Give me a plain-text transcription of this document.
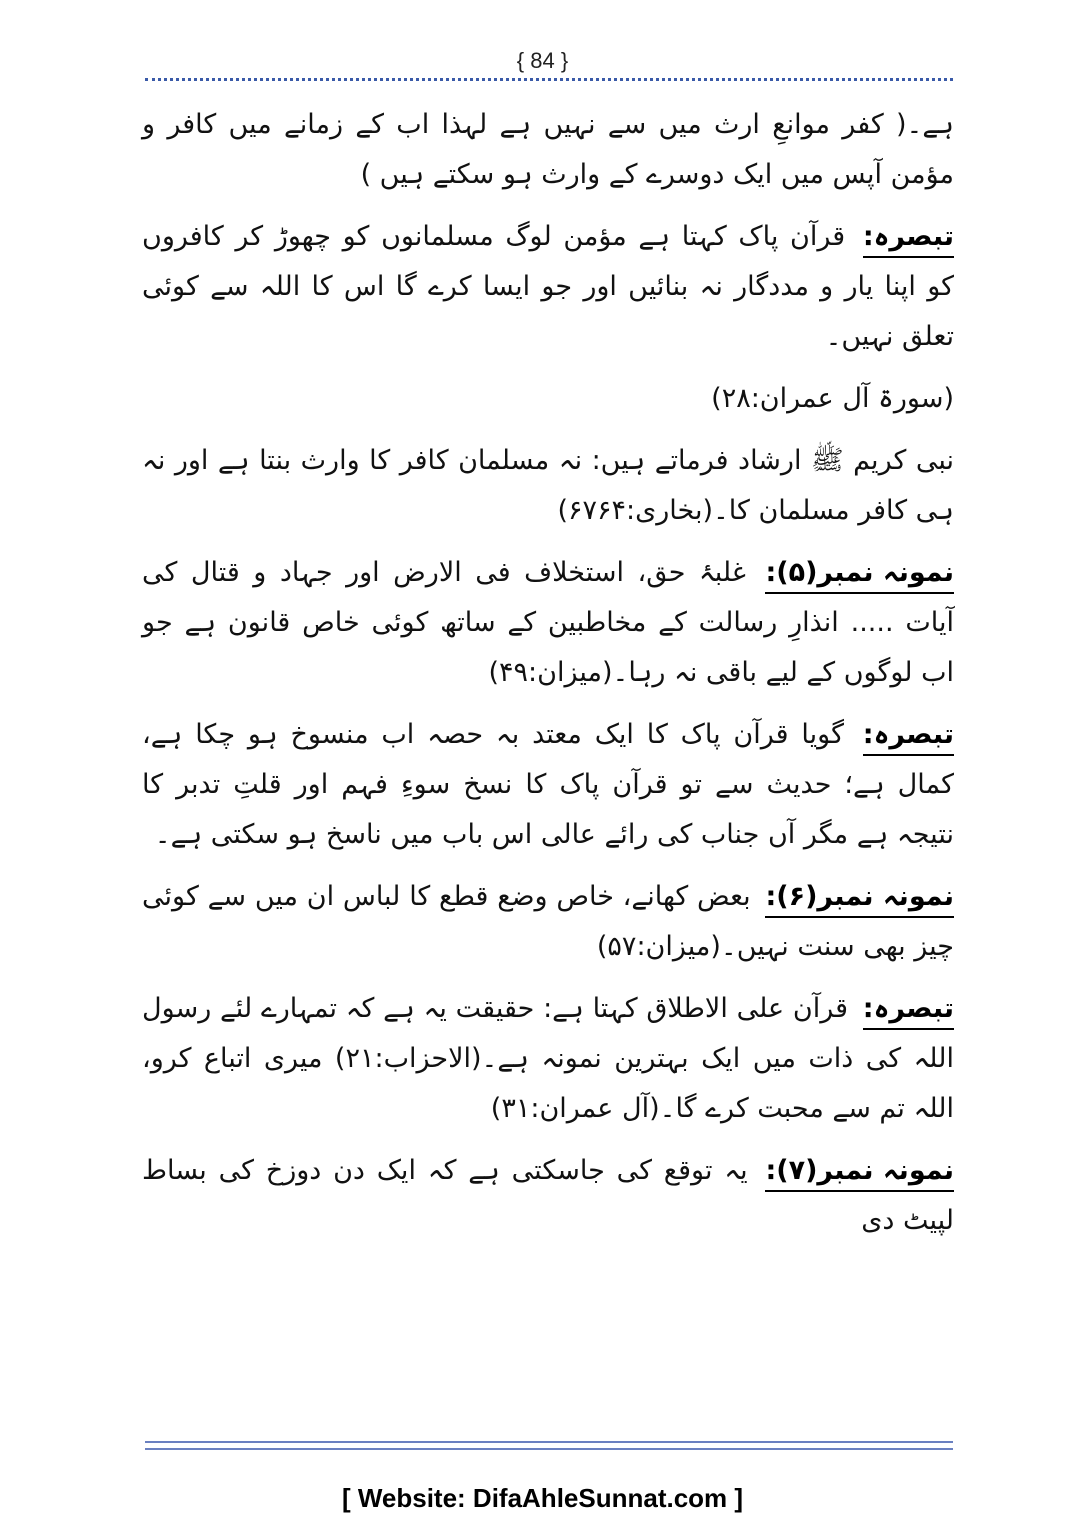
{ 84 }

ہے۔( کفر موانعِ ارث میں سے نہیں ہے لہذا اب کے زمانے میں کافر و مؤمن آپس میں ایک دوسرے کے وارث ہو سکتے ہیں )

تبصرہ: قرآن پاک کہتا ہے مؤمن لوگ مسلمانوں کو چھوڑ کر کافروں کو اپنا یار و مددگار نہ بنائیں اور جو ایسا کرے گا اس کا اللہ سے کوئی تعلق نہیں۔

(سورۃ آل عمران:۲۸)

نبی کریم ﷺ ارشاد فرماتے ہیں: نہ مسلمان کافر کا وارث بنتا ہے اور نہ ہی کافر مسلمان کا۔(بخاری:۶۷۶۴)

نمونہ نمبر(۵): غلبۂ حق، استخلاف فی الارض اور جہاد و قتال کی آیات ..... انذارِ رسالت کے مخاطبین کے ساتھ کوئی خاص قانون ہے جو اب لوگوں کے لیے باقی نہ رہا۔(میزان:۴۹)

تبصرہ: گویا قرآن پاک کا ایک معتد بہ حصہ اب منسوخ ہو چکا ہے، کمال ہے؛ حدیث سے تو قرآن پاک کا نسخ سوءِ فہم اور قلتِ تدبر کا نتیجہ ہے مگر آں جناب کی رائے عالی اس باب میں ناسخ ہو سکتی ہے۔

نمونہ نمبر(۶): بعض کھانے، خاص وضع قطع کا لباس ان میں سے کوئی چیز بھی سنت نہیں۔(میزان:۵۷)

تبصرہ: قرآن علی الاطلاق کہتا ہے: حقیقت یہ ہے کہ تمہارے لئے رسول اللہ کی ذات میں ایک بہترین نمونہ ہے۔(الاحزاب:۲۱) میری اتباع کرو، اللہ تم سے محبت کرے گا۔(آل عمران:۳۱)

نمونہ نمبر(۷): یہ توقع کی جاسکتی ہے کہ ایک دن دوزخ کی بساط لپیٹ دی

[ Website: DifaAhleSunnat.com ]
